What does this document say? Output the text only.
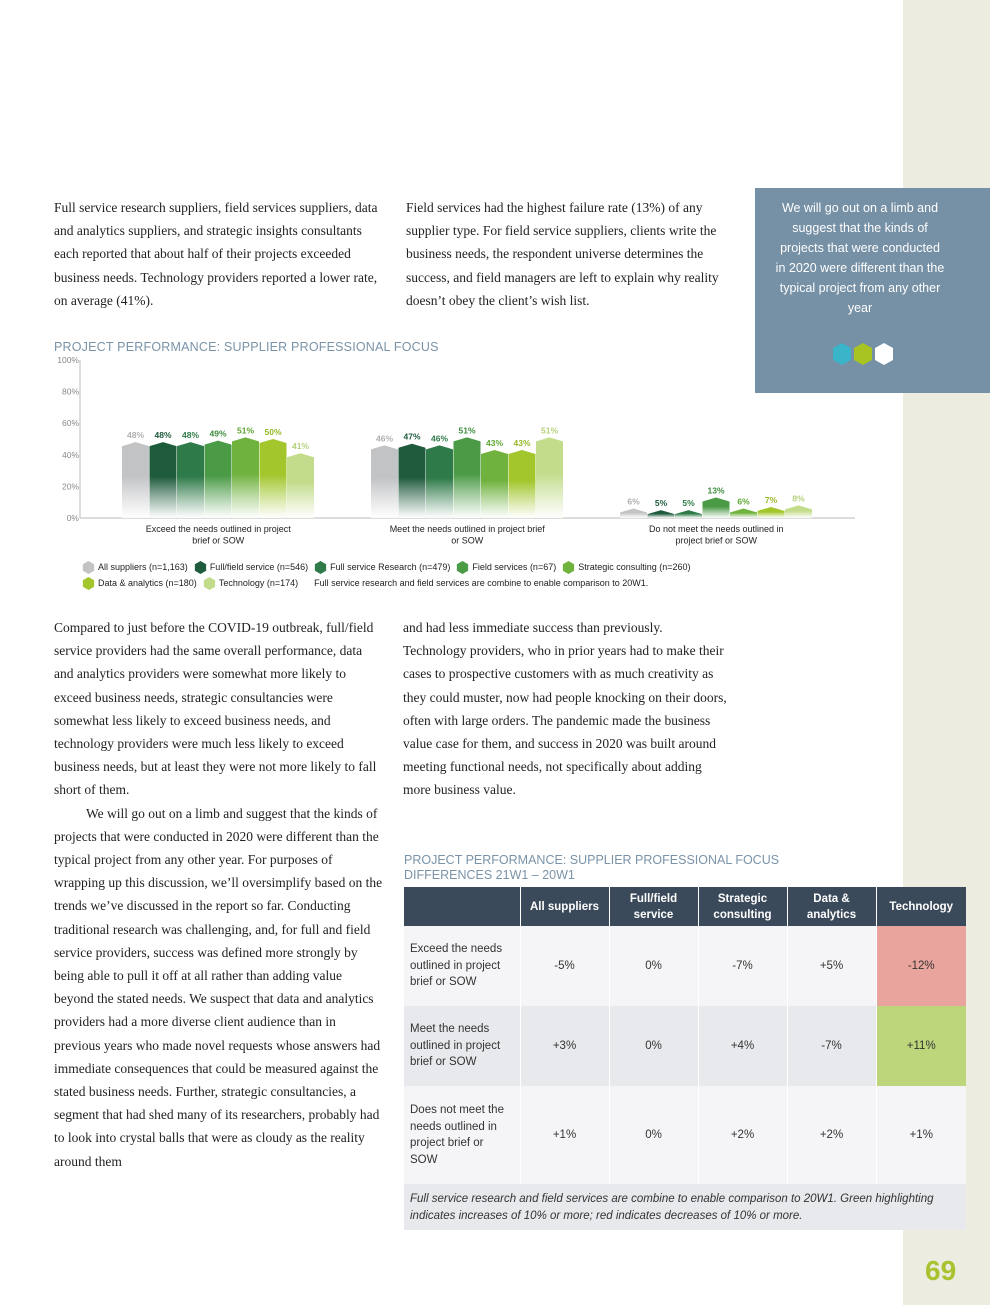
We will go out on a limb and suggest that the kinds of projects that were conducted in 2020 were different than the typical project from any other year

Full service research suppliers, field services suppliers, data and analytics suppliers, and strategic insights consultants each reported that about half of their projects exceeded business needs. Technology providers reported a lower rate, on average (41%).

Field services had the highest failure rate (13%) of any supplier type. For field service suppliers, clients write the business needs, the respondent universe determines the success, and field managers are left to explain why reality doesn’t obey the client’s wish list.

PROJECT PERFORMANCE: SUPPLIER PROFESSIONAL FOCUS
0%
20%
40%
60%
80%
100%
48% 48% 48% 49% 51% 50%
41%
Exceed the needs outlined in project
brief or SOW
46% 47% 46%
51%
43% 43%
51%
Meet the needs outlined in project brief
or SOW
6% 5% 5%
13%
6% 7% 8%
Do not meet the needs outlined in
project brief or SOW
All suppliers (n=1,163) Full/field service (n=546) Full service Research (n=479) Field services (n=67) Strategic consulting (n=260)
Data & analytics (n=180) Technology (n=174) Full service research and field services are combine to enable comparison to 20W1.

Compared to just before the COVID-19 outbreak, full/field service providers had the same overall performance, data and analytics providers were somewhat more likely to exceed business needs, strategic consultancies were somewhat less likely to exceed business needs, and technology providers were much less likely to exceed business needs, but at least they were not more likely to fall short of them.

We will go out on a limb and suggest that the kinds of projects that were conducted in 2020 were different than the typical project from any other year. For purposes of wrapping up this discussion, we’ll oversimplify based on the trends we’ve discussed in the report so far. Conducting traditional research was challenging, and, for full and field service providers, success was defined more strongly by being able to pull it off at all rather than adding value beyond the stated needs. We suspect that data and analytics providers had a more diverse client audience than in previous years who made novel requests whose answers had immediate consequences that could be measured against the stated business needs. Further, strategic consultancies, a segment that had shed many of its researchers, probably had to look into crystal balls that were as cloudy as the reality around them

and had less immediate success than previously. Technology providers, who in prior years had to make their cases to prospective customers with as much creativity as they could muster, now had people knocking on their doors, often with large orders. The pandemic made the business value case for them, and success in 2020 was built around meeting functional needs, not specifically about adding more business value.

PROJECT PERFORMANCE: SUPPLIER PROFESSIONAL FOCUS
DIFFERENCES 21W1 – 20W1
	All suppliers	Full/field service	Strategic consulting	Data & analytics	Technology
Exceed the needs outlined in project brief or SOW	-5%	0%	-7%	+5%	-12%
Meet the needs outlined in project brief or SOW	+3%	0%	+4%	-7%	+11%
Does not meet the needs outlined in project brief or SOW	+1%	0%	+2%	+2%	+1%
Full service research and field services are combine to enable comparison to 20W1. Green highlighting indicates increases of 10% or more; red indicates decreases of 10% or more.					
69
